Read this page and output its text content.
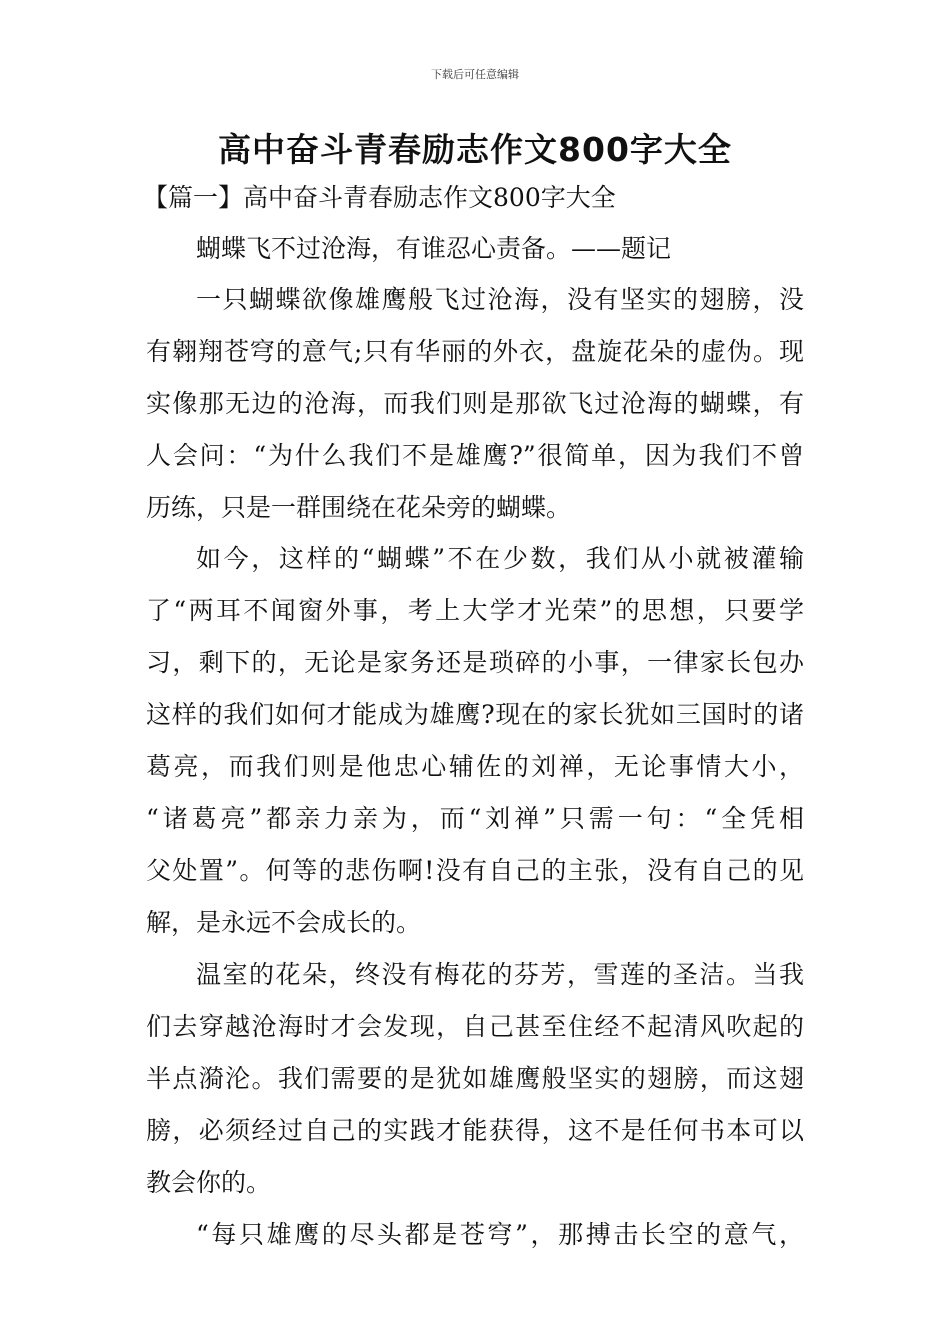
下载后可任意编辑
高中奋斗青春励志作文800字大全
【篇一】高中奋斗青春励志作文800字大全
蝴蝶飞不过沧海，有谁忍心责备。——题记
一只蝴蝶欲像雄鹰般飞过沧海，没有坚实的翅膀，没
有翱翔苍穹的意气;只有华丽的外衣，盘旋花朵的虚伪。现
实像那无边的沧海，而我们则是那欲飞过沧海的蝴蝶，有
人会问：“为什么我们不是雄鹰?”很简单，因为我们不曾
历练，只是一群围绕在花朵旁的蝴蝶。
如今，这样的“蝴蝶”不在少数，我们从小就被灌输
了“两耳不闻窗外事，考上大学才光荣”的思想，只要学
习，剩下的，无论是家务还是琐碎的小事，一律家长包办
这样的我们如何才能成为雄鹰?现在的家长犹如三国时的诸
葛亮，而我们则是他忠心辅佐的刘禅，无论事情大小，
“诸葛亮”都亲力亲为，而“刘禅”只需一句：“全凭相
父处置”。何等的悲伤啊!没有自己的主张，没有自己的见
解，是永远不会成长的。
温室的花朵，终没有梅花的芬芳，雪莲的圣洁。当我
们去穿越沧海时才会发现，自己甚至住经不起清风吹起的
半点漪沦。我们需要的是犹如雄鹰般坚实的翅膀，而这翅
膀，必须经过自己的实践才能获得，这不是任何书本可以
教会你的。
“每只雄鹰的尽头都是苍穹”，那搏击长空的意气，
